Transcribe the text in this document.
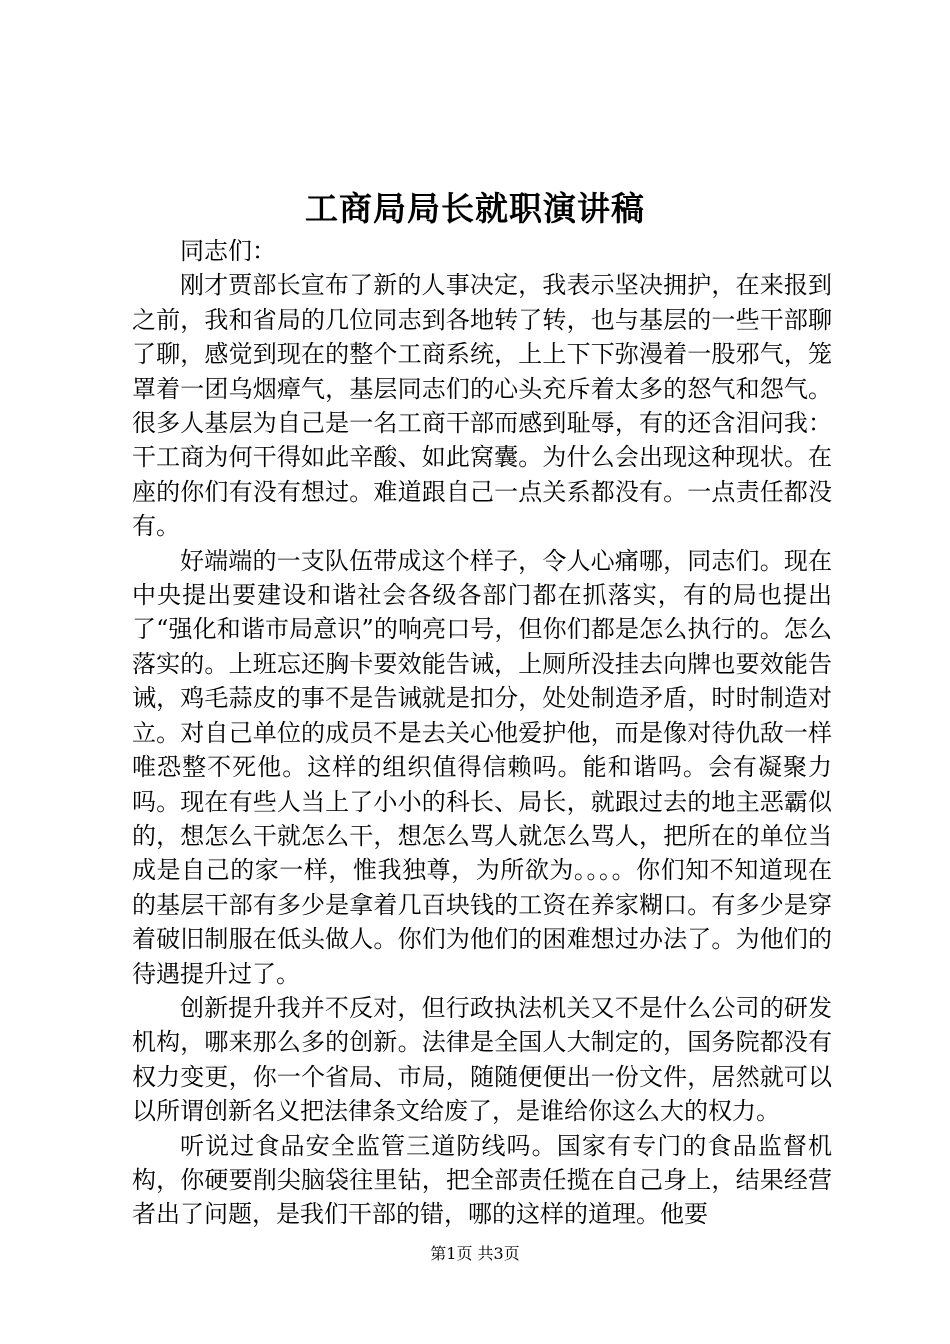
工商局局长就职演讲稿

同志们：

刚才贾部长宣布了新的人事决定，我表示坚决拥护，在来报到之前，我和省局的几位同志到各地转了转，也与基层的一些干部聊了聊，感觉到现在的整个工商系统，上上下下弥漫着一股邪气，笼罩着一团乌烟瘴气，基层同志们的心头充斥着太多的怒气和怨气。很多人基层为自己是一名工商干部而感到耻辱，有的还含泪问我：干工商为何干得如此辛酸、如此窝囊。为什么会出现这种现状。在座的你们有没有想过。难道跟自己一点关系都没有。一点责任都没有。

好端端的一支队伍带成这个样子，令人心痛哪，同志们。现在中央提出要建设和谐社会各级各部门都在抓落实，有的局也提出了“强化和谐市局意识”的响亮口号，但你们都是怎么执行的。怎么落实的。上班忘还胸卡要效能告诫，上厕所没挂去向牌也要效能告诫，鸡毛蒜皮的事不是告诫就是扣分，处处制造矛盾，时时制造对立。对自己单位的成员不是去关心他爱护他，而是像对待仇敌一样唯恐整不死他。这样的组织值得信赖吗。能和谐吗。会有凝聚力吗。现在有些人当上了小小的科长、局长，就跟过去的地主恶霸似的，想怎么干就怎么干，想怎么骂人就怎么骂人，把所在的单位当成是自己的家一样，惟我独尊，为所欲为。。。。你们知不知道现在的基层干部有多少是拿着几百块钱的工资在养家糊口。有多少是穿着破旧制服在低头做人。你们为他们的困难想过办法了。为他们的待遇提升过了。

创新提升我并不反对，但行政执法机关又不是什么公司的研发机构，哪来那么多的创新。法律是全国人大制定的，国务院都没有权力变更，你一个省局、市局，随随便便出一份文件，居然就可以以所谓创新名义把法律条文给废了，是谁给你这么大的权力。

听说过食品安全监管三道防线吗。国家有专门的食品监督机构，你硬要削尖脑袋往里钻，把全部责任揽在自己身上，结果经营者出了问题，是我们干部的错，哪的这样的道理。他要

第1页 共3页
